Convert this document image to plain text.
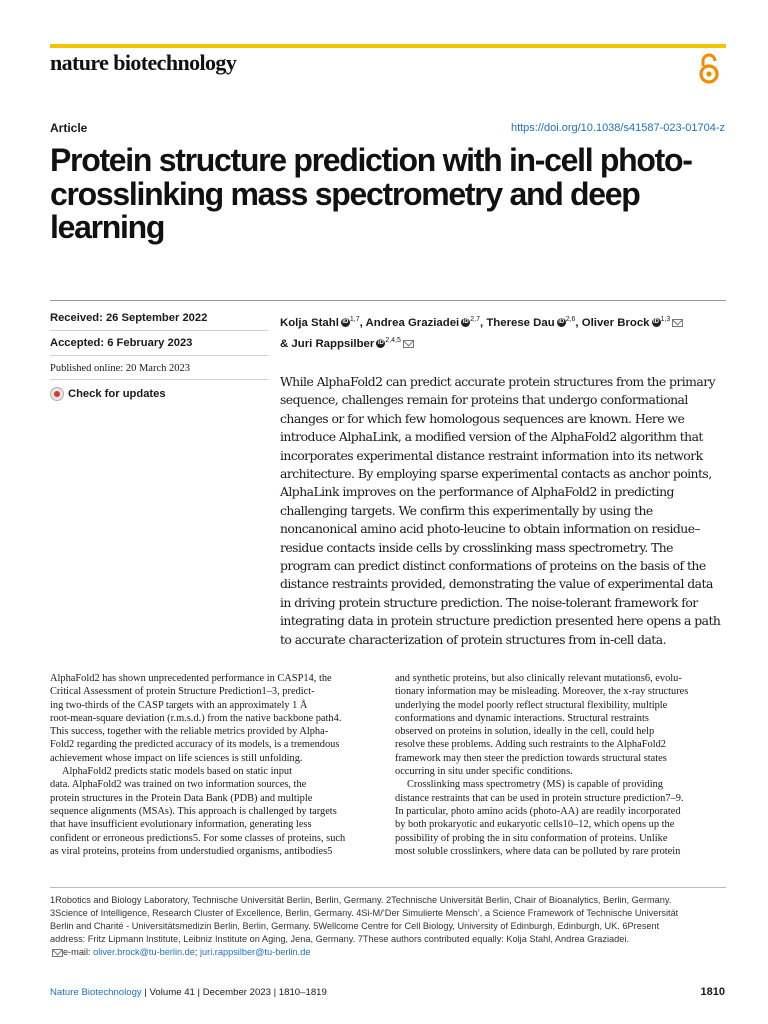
nature biotechnology
Article	https://doi.org/10.1038/s41587-023-01704-z
Protein structure prediction with in-cell photo-crosslinking mass spectrometry and deep learning
Received: 26 September 2022
Accepted: 6 February 2023
Published online: 20 March 2023
Check for updates
Kolja Stahl iD $^{1,7}$, Andrea Graziadei iD $^{2,7}$, Therese Dau iD $^{2,6}$, Oliver Brock iD $^{1,3}$
& Juri Rappsilber iD $^{2,4,5}$

While AlphaFold2 can predict accurate protein structures from the primary sequence, challenges remain for proteins that undergo conformational changes or for which few homologous sequences are known. Here we introduce AlphaLink, a modified version of the AlphaFold2 algorithm that incorporates experimental distance restraint information into its network architecture. By employing sparse experimental contacts as anchor points, AlphaLink improves on the performance of AlphaFold2 in predicting challenging targets. We confirm this experimentally by using the noncanonical amino acid photo-leucine to obtain information on residue–residue contacts inside cells by crosslinking mass spectrometry. The program can predict distinct conformations of proteins on the basis of the distance restraints provided, demonstrating the value of experimental data in driving protein structure prediction. The noise-tolerant framework for integrating data in protein structure prediction presented here opens a path to accurate characterization of protein structures from in-cell data.

AlphaFold2 has shown unprecedented performance in CASP14, the
Critical Assessment of protein Structure Prediction1–3, predict-
ing two-thirds of the CASP targets with an approximately 1 Å
root-mean-square deviation (r.m.s.d.) from the native backbone path4.
This success, together with the reliable metrics provided by Alpha-
Fold2 regarding the predicted accuracy of its models, is a tremendous
achievement whose impact on life sciences is still unfolding.
AlphaFold2 predicts static models based on static input
data. AlphaFold2 was trained on two information sources, the
protein structures in the Protein Data Bank (PDB) and multiple
sequence alignments (MSAs). This approach is challenged by targets
that have insufficient evolutionary information, generating less
confident or erroneous predictions5. For some classes of proteins, such
as viral proteins, proteins from understudied organisms, antibodies5
and synthetic proteins, but also clinically relevant mutations6, evolu-
tionary information may be misleading. Moreover, the x-ray structures
underlying the model poorly reflect structural flexibility, multiple
conformations and dynamic interactions. Structural restraints
observed on proteins in solution, ideally in the cell, could help
resolve these problems. Adding such restraints to the AlphaFold2
framework may then steer the prediction towards structural states
occurring in situ under specific conditions.
Crosslinking mass spectrometry (MS) is capable of providing
distance restraints that can be used in protein structure prediction7–9.
In particular, photo amino acids (photo-AA) are readily incorporated
by both prokaryotic and eukaryotic cells10–12, which opens up the
possibility of probing the in situ conformation of proteins. Unlike
most soluble crosslinkers, where data can be polluted by rare protein
1Robotics and Biology Laboratory, Technische Universität Berlin, Berlin, Germany. 2Technische Universität Berlin, Chair of Bioanalytics, Berlin, Germany.
3Science of Intelligence, Research Cluster of Excellence, Berlin, Germany. 4Si-M/‘Der Simulierte Mensch’, a Science Framework of Technische Universität
Berlin and Charité - Universitätsmedizin Berlin, Berlin, Germany. 5Wellcome Centre for Cell Biology, University of Edinburgh, Edinburgh, UK. 6Present
address: Fritz Lipmann Institute, Leibniz Institute on Aging, Jena, Germany. 7These authors contributed equally: Kolja Stahl, Andrea Graziadei.
e-mail: oliver.brock@tu-berlin.de; juri.rappsilber@tu-berlin.de
Nature Biotechnology | Volume 41 | December 2023 | 1810–1819	1810
